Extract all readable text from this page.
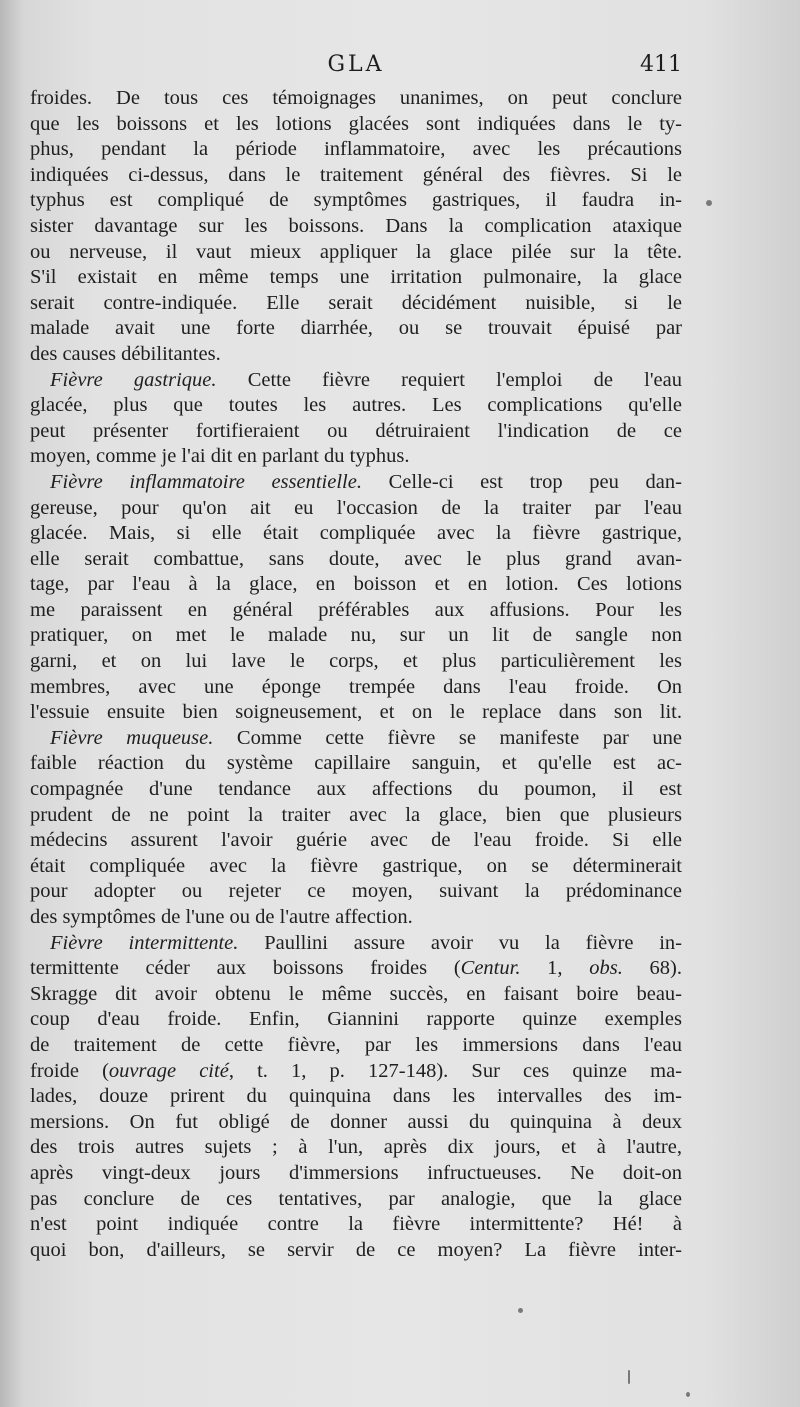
GLA	411
froides. De tous ces témoignages unanimes, on peut conclure
que les boissons et les lotions glacées sont indiquées dans le ty-
phus, pendant la période inflammatoire, avec les précautions
indiquées ci-dessus, dans le traitement général des fièvres. Si le
typhus est compliqué de symptômes gastriques, il faudra in-
sister davantage sur les boissons. Dans la complication ataxique
ou nerveuse, il vaut mieux appliquer la glace pilée sur la tête.
S'il existait en même temps une irritation pulmonaire, la glace
serait contre-indiquée. Elle serait décidément nuisible, si le
malade avait une forte diarrhée, ou se trouvait épuisé par
des causes débilitantes.
Fièvre gastrique. Cette fièvre requiert l'emploi de l'eau
glacée, plus que toutes les autres. Les complications qu'elle
peut présenter fortifieraient ou détruiraient l'indication de ce
moyen, comme je l'ai dit en parlant du typhus.
Fièvre inflammatoire essentielle. Celle-ci est trop peu dan-
gereuse, pour qu'on ait eu l'occasion de la traiter par l'eau
glacée. Mais, si elle était compliquée avec la fièvre gastrique,
elle serait combattue, sans doute, avec le plus grand avan-
tage, par l'eau à la glace, en boisson et en lotion. Ces lotions
me paraissent en général préférables aux affusions. Pour les
pratiquer, on met le malade nu, sur un lit de sangle non
garni, et on lui lave le corps, et plus particulièrement les
membres, avec une éponge trempée dans l'eau froide. On
l'essuie ensuite bien soigneusement, et on le replace dans son lit.
Fièvre muqueuse. Comme cette fièvre se manifeste par une
faible réaction du système capillaire sanguin, et qu'elle est ac-
compagnée d'une tendance aux affections du poumon, il est
prudent de ne point la traiter avec la glace, bien que plusieurs
médecins assurent l'avoir guérie avec de l'eau froide. Si elle
était compliquée avec la fièvre gastrique, on se déterminerait
pour adopter ou rejeter ce moyen, suivant la prédominance
des symptômes de l'une ou de l'autre affection.
Fièvre intermittente. Paullini assure avoir vu la fièvre in-
termittente céder aux boissons froides (Centur. 1, obs. 68).
Skragge dit avoir obtenu le même succès, en faisant boire beau-
coup d'eau froide. Enfin, Giannini rapporte quinze exemples
de traitement de cette fièvre, par les immersions dans l'eau
froide (ouvrage cité, t. 1, p. 127-148). Sur ces quinze ma-
lades, douze prirent du quinquina dans les intervalles des im-
mersions. On fut obligé de donner aussi du quinquina à deux
des trois autres sujets ; à l'un, après dix jours, et à l'autre,
après vingt-deux jours d'immersions infructueuses. Ne doit-on
pas conclure de ces tentatives, par analogie, que la glace
n'est point indiquée contre la fièvre intermittente? Hé! à
quoi bon, d'ailleurs, se servir de ce moyen? La fièvre inter-
